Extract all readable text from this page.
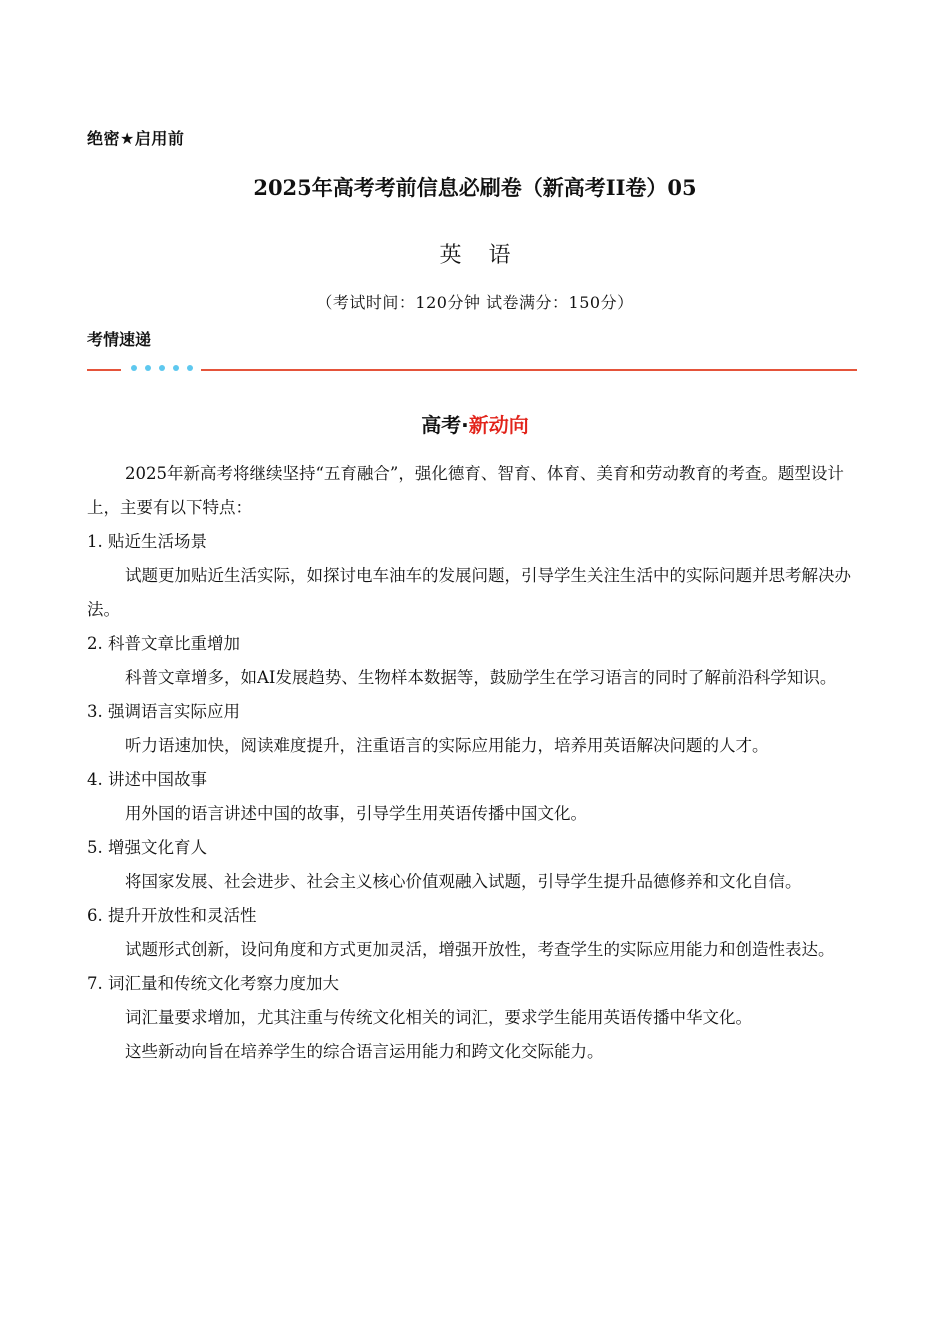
绝密★启用前
2025年高考考前信息必刷卷（新高考II卷）05
英 语
（考试时间：120分钟 试卷满分：150分）
考情速递
高考·新动向

2025年新高考将继续坚持“五育融合”，强化德育、智育、体育、美育和劳动教育的考查。题型设计上，主要有以下特点：

1. 贴近生活场景

试题更加贴近生活实际，如探讨电车油车的发展问题，引导学生关注生活中的实际问题并思考解决办法。

2. 科普文章比重增加

科普文章增多，如AI发展趋势、生物样本数据等，鼓励学生在学习语言的同时了解前沿科学知识。

3. 强调语言实际应用

听力语速加快，阅读难度提升，注重语言的实际应用能力，培养用英语解决问题的人才。

4. 讲述中国故事

用外国的语言讲述中国的故事，引导学生用英语传播中国文化。

5. 增强文化育人

将国家发展、社会进步、社会主义核心价值观融入试题，引导学生提升品德修养和文化自信。

6. 提升开放性和灵活性

试题形式创新，设问角度和方式更加灵活，增强开放性，考查学生的实际应用能力和创造性表达。

7. 词汇量和传统文化考察力度加大

词汇量要求增加，尤其注重与传统文化相关的词汇，要求学生能用英语传播中华文化。

这些新动向旨在培养学生的综合语言运用能力和跨文化交际能力。
